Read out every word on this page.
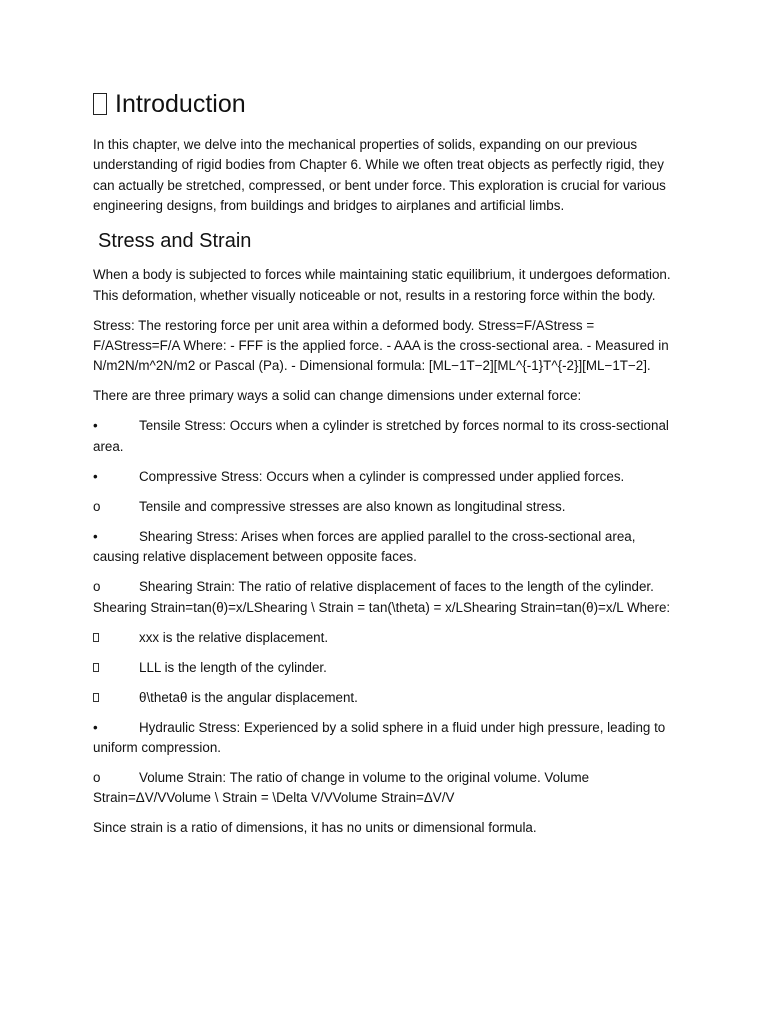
Introduction

In this chapter, we delve into the mechanical properties of solids, expanding on our previous understanding of rigid bodies from Chapter 6. While we often treat objects as perfectly rigid, they can actually be stretched, compressed, or bent under force. This exploration is crucial for various engineering designs, from buildings and bridges to airplanes and artificial limbs.

Stress and Strain

When a body is subjected to forces while maintaining static equilibrium, it undergoes deformation. This deformation, whether visually noticeable or not, results in a restoring force within the body.

Stress: The restoring force per unit area within a deformed body. Stress=F/AStress = F/AStress=F/A Where: - FFF is the applied force. - AAA is the cross-sectional area. - Measured in N/m2N/m^2N/m2 or Pascal (Pa). - Dimensional formula: [ML−1T−2][ML^{-1}T^{-2}][ML−1T−2].

There are three primary ways a solid can change dimensions under external force:

•	Tensile Stress: Occurs when a cylinder is stretched by forces normal to its cross-sectional area.
•	Compressive Stress: Occurs when a cylinder is compressed under applied forces.
o	Tensile and compressive stresses are also known as longitudinal stress.
•	Shearing Stress: Arises when forces are applied parallel to the cross-sectional area, causing relative displacement between opposite faces.
o	Shearing Strain: The ratio of relative displacement of faces to the length of the cylinder. Shearing Strain=tan(θ)=x/LShearing \ Strain = tan(\theta) = x/LShearing Strain=tan(θ)=x/L Where:
xxx is the relative displacement.
LLL is the length of the cylinder.
θ\thetaθ is the angular displacement.
•	Hydraulic Stress: Experienced by a solid sphere in a fluid under high pressure, leading to uniform compression.
o	Volume Strain: The ratio of change in volume to the original volume. Volume Strain=ΔV/VVolume \ Strain = \Delta V/VVolume Strain=ΔV/V

Since strain is a ratio of dimensions, it has no units or dimensional formula.
